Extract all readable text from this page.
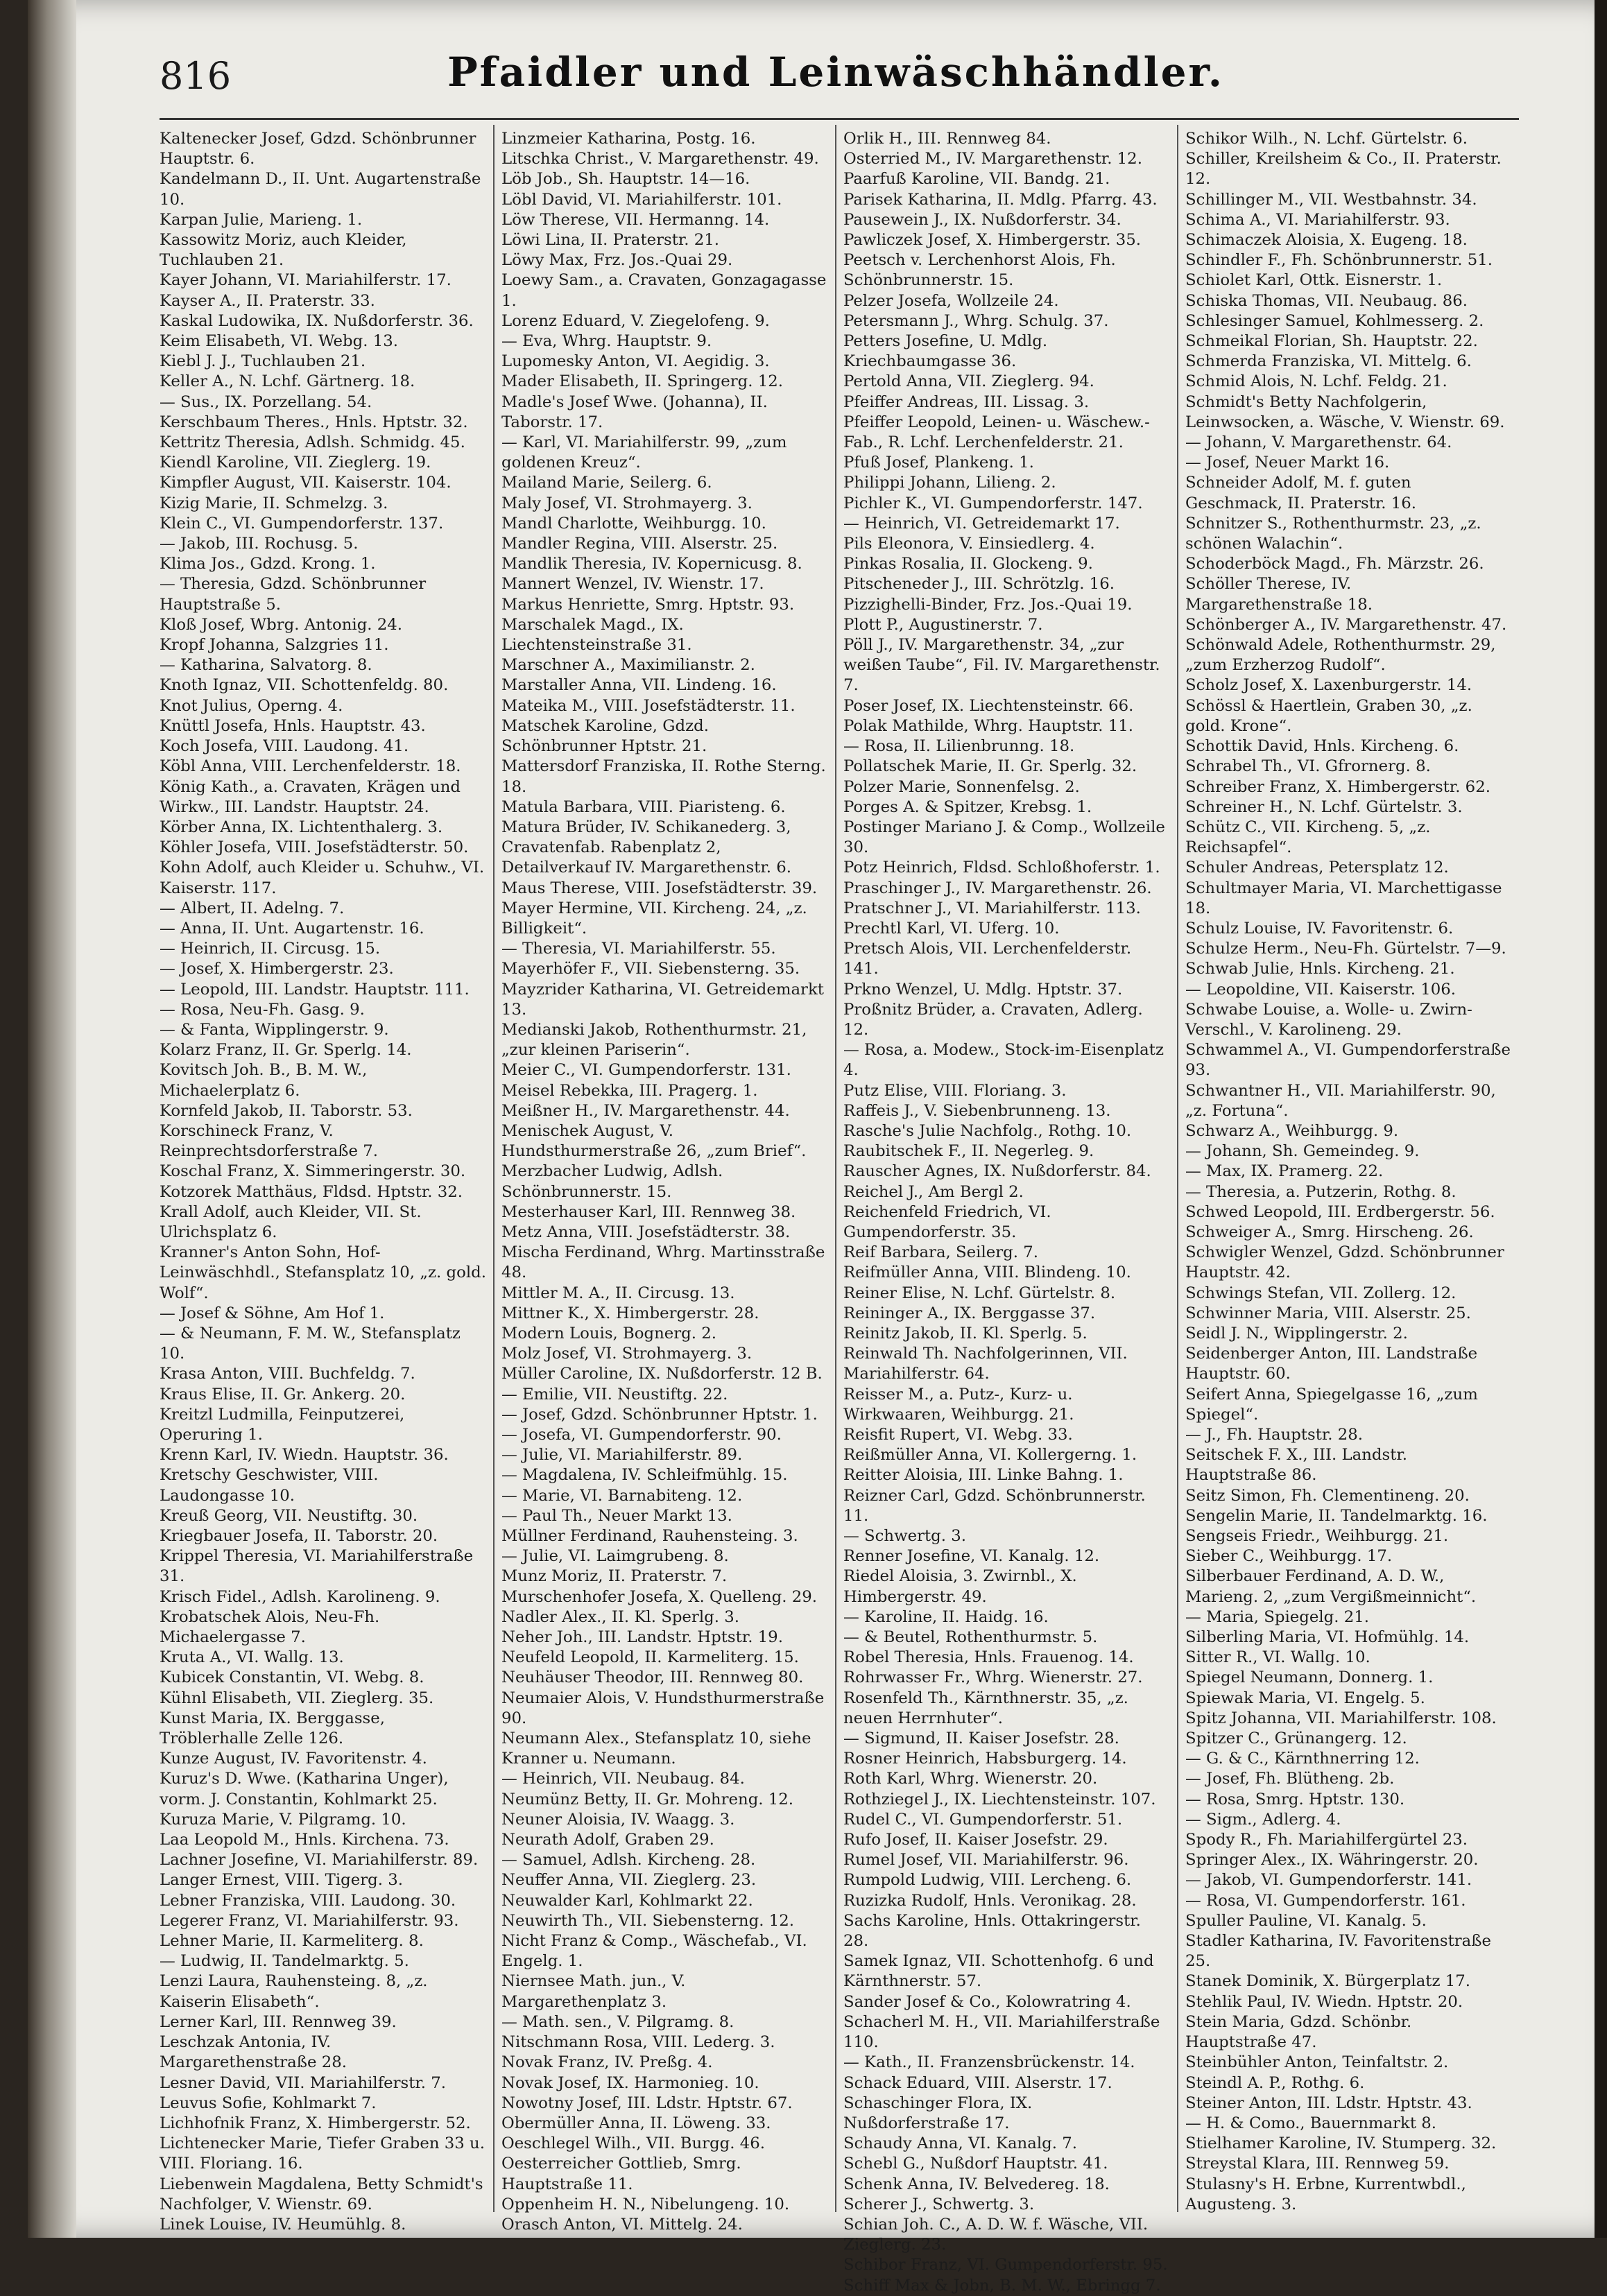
816	Pfaidler und Leinwäschhändler.
Kaltenecker Josef, Gdzd. Schönbrunner Hauptstr. 6.
Kandelmann D., II. Unt. Augartenstraße 10.
Karpan Julie, Marieng. 1.
Kassowitz Moriz, auch Kleider, Tuchlauben 21.
Kayer Johann, VI. Mariahilferstr. 17.
Kayser A., II. Praterstr. 33.
Kaskal Ludowika, IX. Nußdorferstr. 36.
Keim Elisabeth, VI. Webg. 13.
Kiebl J. J., Tuchlauben 21.
Keller A., N. Lchf. Gärtnerg. 18.
— Sus., IX. Porzellang. 54.
Kerschbaum Theres., Hnls. Hptstr. 32.
Kettritz Theresia, Adlsh. Schmidg. 45.
Kiendl Karoline, VII. Zieglerg. 19.
Kimpfler August, VII. Kaiserstr. 104.
Kizig Marie, II. Schmelzg. 3.
Klein C., VI. Gumpendorferstr. 137.
— Jakob, III. Rochusg. 5.
Klima Jos., Gdzd. Krong. 1.
— Theresia, Gdzd. Schönbrunner Hauptstraße 5.
Kloß Josef, Wbrg. Antonig. 24.
Kropf Johanna, Salzgries 11.
— Katharina, Salvatorg. 8.
Knoth Ignaz, VII. Schottenfeldg. 80.
Knot Julius, Operng. 4.
Knüttl Josefa, Hnls. Hauptstr. 43.
Koch Josefa, VIII. Laudong. 41.
Köbl Anna, VIII. Lerchenfelderstr. 18.
König Kath., a. Cravaten, Krägen und Wirkw., III. Landstr. Hauptstr. 24.
Körber Anna, IX. Lichtenthalerg. 3.
Köhler Josefa, VIII. Josefstädterstr. 50.
Kohn Adolf, auch Kleider u. Schuhw., VI. Kaiserstr. 117.
— Albert, II. Adelng. 7.
— Anna, II. Unt. Augartenstr. 16.
— Heinrich, II. Circusg. 15.
— Josef, X. Himbergerstr. 23.
— Leopold, III. Landstr. Hauptstr. 111.
— Rosa, Neu-Fh. Gasg. 9.
— & Fanta, Wipplingerstr. 9.
Kolarz Franz, II. Gr. Sperlg. 14.
Kovitsch Joh. B., B. M. W., Michaelerplatz 6.
Kornfeld Jakob, II. Taborstr. 53.
Korschineck Franz, V. Reinprechtsdorferstraße 7.
Koschal Franz, X. Simmeringerstr. 30.
Kotzorek Matthäus, Fldsd. Hptstr. 32.
Krall Adolf, auch Kleider, VII. St. Ulrichsplatz 6.
Kranner's Anton Sohn, Hof-Leinwäschhdl., Stefansplatz 10, „z. gold. Wolf“.
— Josef & Söhne, Am Hof 1.
— & Neumann, F. M. W., Stefansplatz 10.
Krasa Anton, VIII. Buchfeldg. 7.
Kraus Elise, II. Gr. Ankerg. 20.
Kreitzl Ludmilla, Feinputzerei, Operuring 1.
Krenn Karl, IV. Wiedn. Hauptstr. 36.
Kretschy Geschwister, VIII. Laudongasse 10.
Kreuß Georg, VII. Neustiftg. 30.
Kriegbauer Josefa, II. Taborstr. 20.
Krippel Theresia, VI. Mariahilferstraße 31.
Krisch Fidel., Adlsh. Karolineng. 9.
Krobatschek Alois, Neu-Fh. Michaelergasse 7.
Kruta A., VI. Wallg. 13.
Kubicek Constantin, VI. Webg. 8.
Kühnl Elisabeth, VII. Zieglerg. 35.
Kunst Maria, IX. Berggasse, Tröblerhalle Zelle 126.
Kunze August, IV. Favoritenstr. 4.
Kuruz's D. Wwe. (Katharina Unger), vorm. J. Constantin, Kohlmarkt 25.
Kuruza Marie, V. Pilgramg. 10.
Laa Leopold M., Hnls. Kirchena. 73.
Lachner Josefine, VI. Mariahilferstr. 89.
Langer Ernest, VIII. Tigerg. 3.
Lebner Franziska, VIII. Laudong. 30.
Legerer Franz, VI. Mariahilferstr. 93.
Lehner Marie, II. Karmeliterg. 8.
— Ludwig, II. Tandelmarktg. 5.
Lenzi Laura, Rauhensteing. 8, „z. Kaiserin Elisabeth“.
Lerner Karl, III. Rennweg 39.
Leschzak Antonia, IV. Margarethenstraße 28.
Lesner David, VII. Mariahilferstr. 7.
Leuvus Sofie, Kohlmarkt 7.
Lichhofnik Franz, X. Himbergerstr. 52.
Lichtenecker Marie, Tiefer Graben 33 u. VIII. Floriang. 16.
Liebenwein Magdalena, Betty Schmidt's Nachfolger, V. Wienstr. 69.
Linek Louise, IV. Heumühlg. 8.
Linzmeier Katharina, Postg. 16.
Litschka Christ., V. Margarethenstr. 49.
Löb Job., Sh. Hauptstr. 14—16.
Löbl David, VI. Mariahilferstr. 101.
Löw Therese, VII. Hermanng. 14.
Löwi Lina, II. Praterstr. 21.
Löwy Max, Frz. Jos.-Quai 29.
Loewy Sam., a. Cravaten, Gonzagagasse 1.
Lorenz Eduard, V. Ziegelofeng. 9.
— Eva, Whrg. Hauptstr. 9.
Lupomesky Anton, VI. Aegidig. 3.
Mader Elisabeth, II. Springerg. 12.
Madle's Josef Wwe. (Johanna), II. Taborstr. 17.
— Karl, VI. Mariahilferstr. 99, „zum goldenen Kreuz“.
Mailand Marie, Seilerg. 6.
Maly Josef, VI. Strohmayerg. 3.
Mandl Charlotte, Weihburgg. 10.
Mandler Regina, VIII. Alserstr. 25.
Mandlik Theresia, IV. Kopernicusg. 8.
Mannert Wenzel, IV. Wienstr. 17.
Markus Henriette, Smrg. Hptstr. 93.
Marschalek Magd., IX. Liechtensteinstraße 31.
Marschner A., Maximilianstr. 2.
Marstaller Anna, VII. Lindeng. 16.
Mateika M., VIII. Josefstädterstr. 11.
Matschek Karoline, Gdzd. Schönbrunner Hptstr. 21.
Mattersdorf Franziska, II. Rothe Sterng. 18.
Matula Barbara, VIII. Piaristeng. 6.
Matura Brüder, IV. Schikanederg. 3, Cravatenfab. Rabenplatz 2, Detailverkauf IV. Margarethenstr. 6.
Maus Therese, VIII. Josefstädterstr. 39.
Mayer Hermine, VII. Kircheng. 24, „z. Billigkeit“.
— Theresia, VI. Mariahilferstr. 55.
Mayerhöfer F., VII. Siebensterng. 35.
Mayzrider Katharina, VI. Getreidemarkt 13.
Medianski Jakob, Rothenthurmstr. 21, „zur kleinen Pariserin“.
Meier C., VI. Gumpendorferstr. 131.
Meisel Rebekka, III. Pragerg. 1.
Meißner H., IV. Margarethenstr. 44.
Menischek August, V. Hundsthurmerstraße 26, „zum Brief“.
Merzbacher Ludwig, Adlsh. Schönbrunnerstr. 15.
Mesterhauser Karl, III. Rennweg 38.
Metz Anna, VIII. Josefstädterstr. 38.
Mischa Ferdinand, Whrg. Martinsstraße 48.
Mittler M. A., II. Circusg. 13.
Mittner K., X. Himbergerstr. 28.
Modern Louis, Bognerg. 2.
Molz Josef, VI. Strohmayerg. 3.
Müller Caroline, IX. Nußdorferstr. 12 B.
— Emilie, VII. Neustiftg. 22.
— Josef, Gdzd. Schönbrunner Hptstr. 1.
— Josefa, VI. Gumpendorferstr. 90.
— Julie, VI. Mariahilferstr. 89.
— Magdalena, IV. Schleifmühlg. 15.
— Marie, VI. Barnabiteng. 12.
— Paul Th., Neuer Markt 13.
Müllner Ferdinand, Rauhensteing. 3.
— Julie, VI. Laimgrubeng. 8.
Munz Moriz, II. Praterstr. 7.
Murschenhofer Josefa, X. Quelleng. 29.
Nadler Alex., II. Kl. Sperlg. 3.
Neher Joh., III. Landstr. Hptstr. 19.
Neufeld Leopold, II. Karmeliterg. 15.
Neuhäuser Theodor, III. Rennweg 80.
Neumaier Alois, V. Hundsthurmerstraße 90.
Neumann Alex., Stefansplatz 10, siehe Kranner u. Neumann.
— Heinrich, VII. Neubaug. 84.
Neumünz Betty, II. Gr. Mohreng. 12.
Neuner Aloisia, IV. Waagg. 3.
Neurath Adolf, Graben 29.
— Samuel, Adlsh. Kircheng. 28.
Neuffer Anna, VII. Zieglerg. 23.
Neuwalder Karl, Kohlmarkt 22.
Neuwirth Th., VII. Siebensterng. 12.
Nicht Franz & Comp., Wäschefab., VI. Engelg. 1.
Niernsee Math. jun., V. Margarethenplatz 3.
— Math. sen., V. Pilgramg. 8.
Nitschmann Rosa, VIII. Lederg. 3.
Novak Franz, IV. Preßg. 4.
Novak Josef, IX. Harmonieg. 10.
Nowotny Josef, III. Ldstr. Hptstr. 67.
Obermüller Anna, II. Löweng. 33.
Oeschlegel Wilh., VII. Burgg. 46.
Oesterreicher Gottlieb, Smrg. Hauptstraße 11.
Oppenheim H. N., Nibelungeng. 10.
Orasch Anton, VI. Mittelg. 24.
Orlik H., III. Rennweg 84.
Osterried M., IV. Margarethenstr. 12.
Paarfuß Karoline, VII. Bandg. 21.
Parisek Katharina, II. Mdlg. Pfarrg. 43.
Pausewein J., IX. Nußdorferstr. 34.
Pawliczek Josef, X. Himbergerstr. 35.
Peetsch v. Lerchenhorst Alois, Fh. Schönbrunnerstr. 15.
Pelzer Josefa, Wollzeile 24.
Petersmann J., Whrg. Schulg. 37.
Petters Josefine, U. Mdlg. Kriechbaumgasse 36.
Pertold Anna, VII. Zieglerg. 94.
Pfeiffer Andreas, III. Lissag. 3.
Pfeiffer Leopold, Leinen- u. Wäschew.-Fab., R. Lchf. Lerchenfelderstr. 21.
Pfuß Josef, Plankeng. 1.
Philippi Johann, Lilieng. 2.
Pichler K., VI. Gumpendorferstr. 147.
— Heinrich, VI. Getreidemarkt 17.
Pils Eleonora, V. Einsiedlerg. 4.
Pinkas Rosalia, II. Glockeng. 9.
Pitscheneder J., III. Schrötzlg. 16.
Pizzighelli-Binder, Frz. Jos.-Quai 19.
Plott P., Augustinerstr. 7.
Pöll J., IV. Margarethenstr. 34, „zur weißen Taube“, Fil. IV. Margarethenstr. 7.
Poser Josef, IX. Liechtensteinstr. 66.
Polak Mathilde, Whrg. Hauptstr. 11.
— Rosa, II. Lilienbrunng. 18.
Pollatschek Marie, II. Gr. Sperlg. 32.
Polzer Marie, Sonnenfelsg. 2.
Porges A. & Spitzer, Krebsg. 1.
Postinger Mariano J. & Comp., Wollzeile 30.
Potz Heinrich, Fldsd. Schloßhoferstr. 1.
Praschinger J., IV. Margarethenstr. 26.
Pratschner J., VI. Mariahilferstr. 113.
Prechtl Karl, VI. Uferg. 10.
Pretsch Alois, VII. Lerchenfelderstr. 141.
Prkno Wenzel, U. Mdlg. Hptstr. 37.
Proßnitz Brüder, a. Cravaten, Adlerg. 12.
— Rosa, a. Modew., Stock-im-Eisenplatz 4.
Putz Elise, VIII. Floriang. 3.
Raffeis J., V. Siebenbrunneng. 13.
Rasche's Julie Nachfolg., Rothg. 10.
Raubitschek F., II. Negerleg. 9.
Rauscher Agnes, IX. Nußdorferstr. 84.
Reichel J., Am Bergl 2.
Reichenfeld Friedrich, VI. Gumpendorferstr. 35.
Reif Barbara, Seilerg. 7.
Reifmüller Anna, VIII. Blindeng. 10.
Reiner Elise, N. Lchf. Gürtelstr. 8.
Reininger A., IX. Berggasse 37.
Reinitz Jakob, II. Kl. Sperlg. 5.
Reinwald Th. Nachfolgerinnen, VII. Mariahilferstr. 64.
Reisser M., a. Putz-, Kurz- u. Wirkwaaren, Weihburgg. 21.
Reisfit Rupert, VI. Webg. 33.
Reißmüller Anna, VI. Kollergerng. 1.
Reitter Aloisia, III. Linke Bahng. 1.
Reizner Carl, Gdzd. Schönbrunnerstr. 11.
— Schwertg. 3.
Renner Josefine, VI. Kanalg. 12.
Riedel Aloisia, 3. Zwirnbl., X. Himbergerstr. 49.
— Karoline, II. Haidg. 16.
— & Beutel, Rothenthurmstr. 5.
Robel Theresia, Hnls. Frauenog. 14.
Rohrwasser Fr., Whrg. Wienerstr. 27.
Rosenfeld Th., Kärnthnerstr. 35, „z. neuen Herrnhuter“.
— Sigmund, II. Kaiser Josefstr. 28.
Rosner Heinrich, Habsburgerg. 14.
Roth Karl, Whrg. Wienerstr. 20.
Rothziegel J., IX. Liechtensteinstr. 107.
Rudel C., VI. Gumpendorferstr. 51.
Rufo Josef, II. Kaiser Josefstr. 29.
Rumel Josef, VII. Mariahilferstr. 96.
Rumpold Ludwig, VIII. Lercheng. 6.
Ruzizka Rudolf, Hnls. Veronikag. 28.
Sachs Karoline, Hnls. Ottakringerstr. 28.
Samek Ignaz, VII. Schottenhofg. 6 und Kärnthnerstr. 57.
Sander Josef & Co., Kolowratring 4.
Schacherl M. H., VII. Mariahilferstraße 110.
— Kath., II. Franzensbrückenstr. 14.
Schack Eduard, VIII. Alserstr. 17.
Schaschinger Flora, IX. Nußdorferstraße 17.
Schaudy Anna, VI. Kanalg. 7.
Schebl G., Nußdorf Hauptstr. 41.
Schenk Anna, IV. Belvedereg. 18.
Scherer J., Schwertg. 3.
Schian Joh. C., A. D. W. f. Wäsche, VII. Zieglerg. 23.
Schibor Franz, VI. Gumpendorferstr. 95.
Schiff Max & Jobn, B. M. W., Ebringg 7.
Schikor Wilh., N. Lchf. Gürtelstr. 6.
Schiller, Kreilsheim & Co., II. Praterstr. 12.
Schillinger M., VII. Westbahnstr. 34.
Schima A., VI. Mariahilferstr. 93.
Schimaczek Aloisia, X. Eugeng. 18.
Schindler F., Fh. Schönbrunnerstr. 51.
Schiolet Karl, Ottk. Eisnerstr. 1.
Schiska Thomas, VII. Neubaug. 86.
Schlesinger Samuel, Kohlmesserg. 2.
Schmeikal Florian, Sh. Hauptstr. 22.
Schmerda Franziska, VI. Mittelg. 6.
Schmid Alois, N. Lchf. Feldg. 21.
Schmidt's Betty Nachfolgerin, Leinwsocken, a. Wäsche, V. Wienstr. 69.
— Johann, V. Margarethenstr. 64.
— Josef, Neuer Markt 16.
Schneider Adolf, M. f. guten Geschmack, II. Praterstr. 16.
Schnitzer S., Rothenthurmstr. 23, „z. schönen Walachin“.
Schoderböck Magd., Fh. Märzstr. 26.
Schöller Therese, IV. Margarethenstraße 18.
Schönberger A., IV. Margarethenstr. 47.
Schönwald Adele, Rothenthurmstr. 29, „zum Erzherzog Rudolf“.
Scholz Josef, X. Laxenburgerstr. 14.
Schössl & Haertlein, Graben 30, „z. gold. Krone“.
Schottik David, Hnls. Kircheng. 6.
Schrabel Th., VI. Gfrornerg. 8.
Schreiber Franz, X. Himbergerstr. 62.
Schreiner H., N. Lchf. Gürtelstr. 3.
Schütz C., VII. Kircheng. 5, „z. Reichsapfel“.
Schuler Andreas, Petersplatz 12.
Schultmayer Maria, VI. Marchettigasse 18.
Schulz Louise, IV. Favoritenstr. 6.
Schulze Herm., Neu-Fh. Gürtelstr. 7—9.
Schwab Julie, Hnls. Kircheng. 21.
— Leopoldine, VII. Kaiserstr. 106.
Schwabe Louise, a. Wolle- u. Zwirn-Verschl., V. Karolineng. 29.
Schwammel A., VI. Gumpendorferstraße 93.
Schwantner H., VII. Mariahilferstr. 90, „z. Fortuna“.
Schwarz A., Weihburgg. 9.
— Johann, Sh. Gemeindeg. 9.
— Max, IX. Pramerg. 22.
— Theresia, a. Putzerin, Rothg. 8.
Schwed Leopold, III. Erdbergerstr. 56.
Schweiger A., Smrg. Hirscheng. 26.
Schwigler Wenzel, Gdzd. Schönbrunner Hauptstr. 42.
Schwings Stefan, VII. Zollerg. 12.
Schwinner Maria, VIII. Alserstr. 25.
Seidl J. N., Wipplingerstr. 2.
Seidenberger Anton, III. Landstraße Hauptstr. 60.
Seifert Anna, Spiegelgasse 16, „zum Spiegel“.
— J., Fh. Hauptstr. 28.
Seitschek F. X., III. Landstr. Hauptstraße 86.
Seitz Simon, Fh. Clementineng. 20.
Sengelin Marie, II. Tandelmarktg. 16.
Sengseis Friedr., Weihburgg. 21.
Sieber C., Weihburgg. 17.
Silberbauer Ferdinand, A. D. W., Marieng. 2, „zum Vergißmeinnicht“.
— Maria, Spiegelg. 21.
Silberling Maria, VI. Hofmühlg. 14.
Sitter R., VI. Wallg. 10.
Spiegel Neumann, Donnerg. 1.
Spiewak Maria, VI. Engelg. 5.
Spitz Johanna, VII. Mariahilferstr. 108.
Spitzer C., Grünangerg. 12.
— G. & C., Kärnthnerring 12.
— Josef, Fh. Blütheng. 2b.
— Rosa, Smrg. Hptstr. 130.
— Sigm., Adlerg. 4.
Spody R., Fh. Mariahilfergürtel 23.
Springer Alex., IX. Währingerstr. 20.
— Jakob, VI. Gumpendorferstr. 141.
— Rosa, VI. Gumpendorferstr. 161.
Spuller Pauline, VI. Kanalg. 5.
Stadler Katharina, IV. Favoritenstraße 25.
Stanek Dominik, X. Bürgerplatz 17.
Stehlik Paul, IV. Wiedn. Hptstr. 20.
Stein Maria, Gdzd. Schönbr. Hauptstraße 47.
Steinbühler Anton, Teinfaltstr. 2.
Steindl A. P., Rothg. 6.
Steiner Anton, III. Ldstr. Hptstr. 43.
— H. & Como., Bauernmarkt 8.
Stielhamer Karoline, IV. Stumperg. 32.
Streystal Klara, III. Rennweg 59.
Stulasny's H. Erbne, Kurrentwbdl., Augusteng. 3.
